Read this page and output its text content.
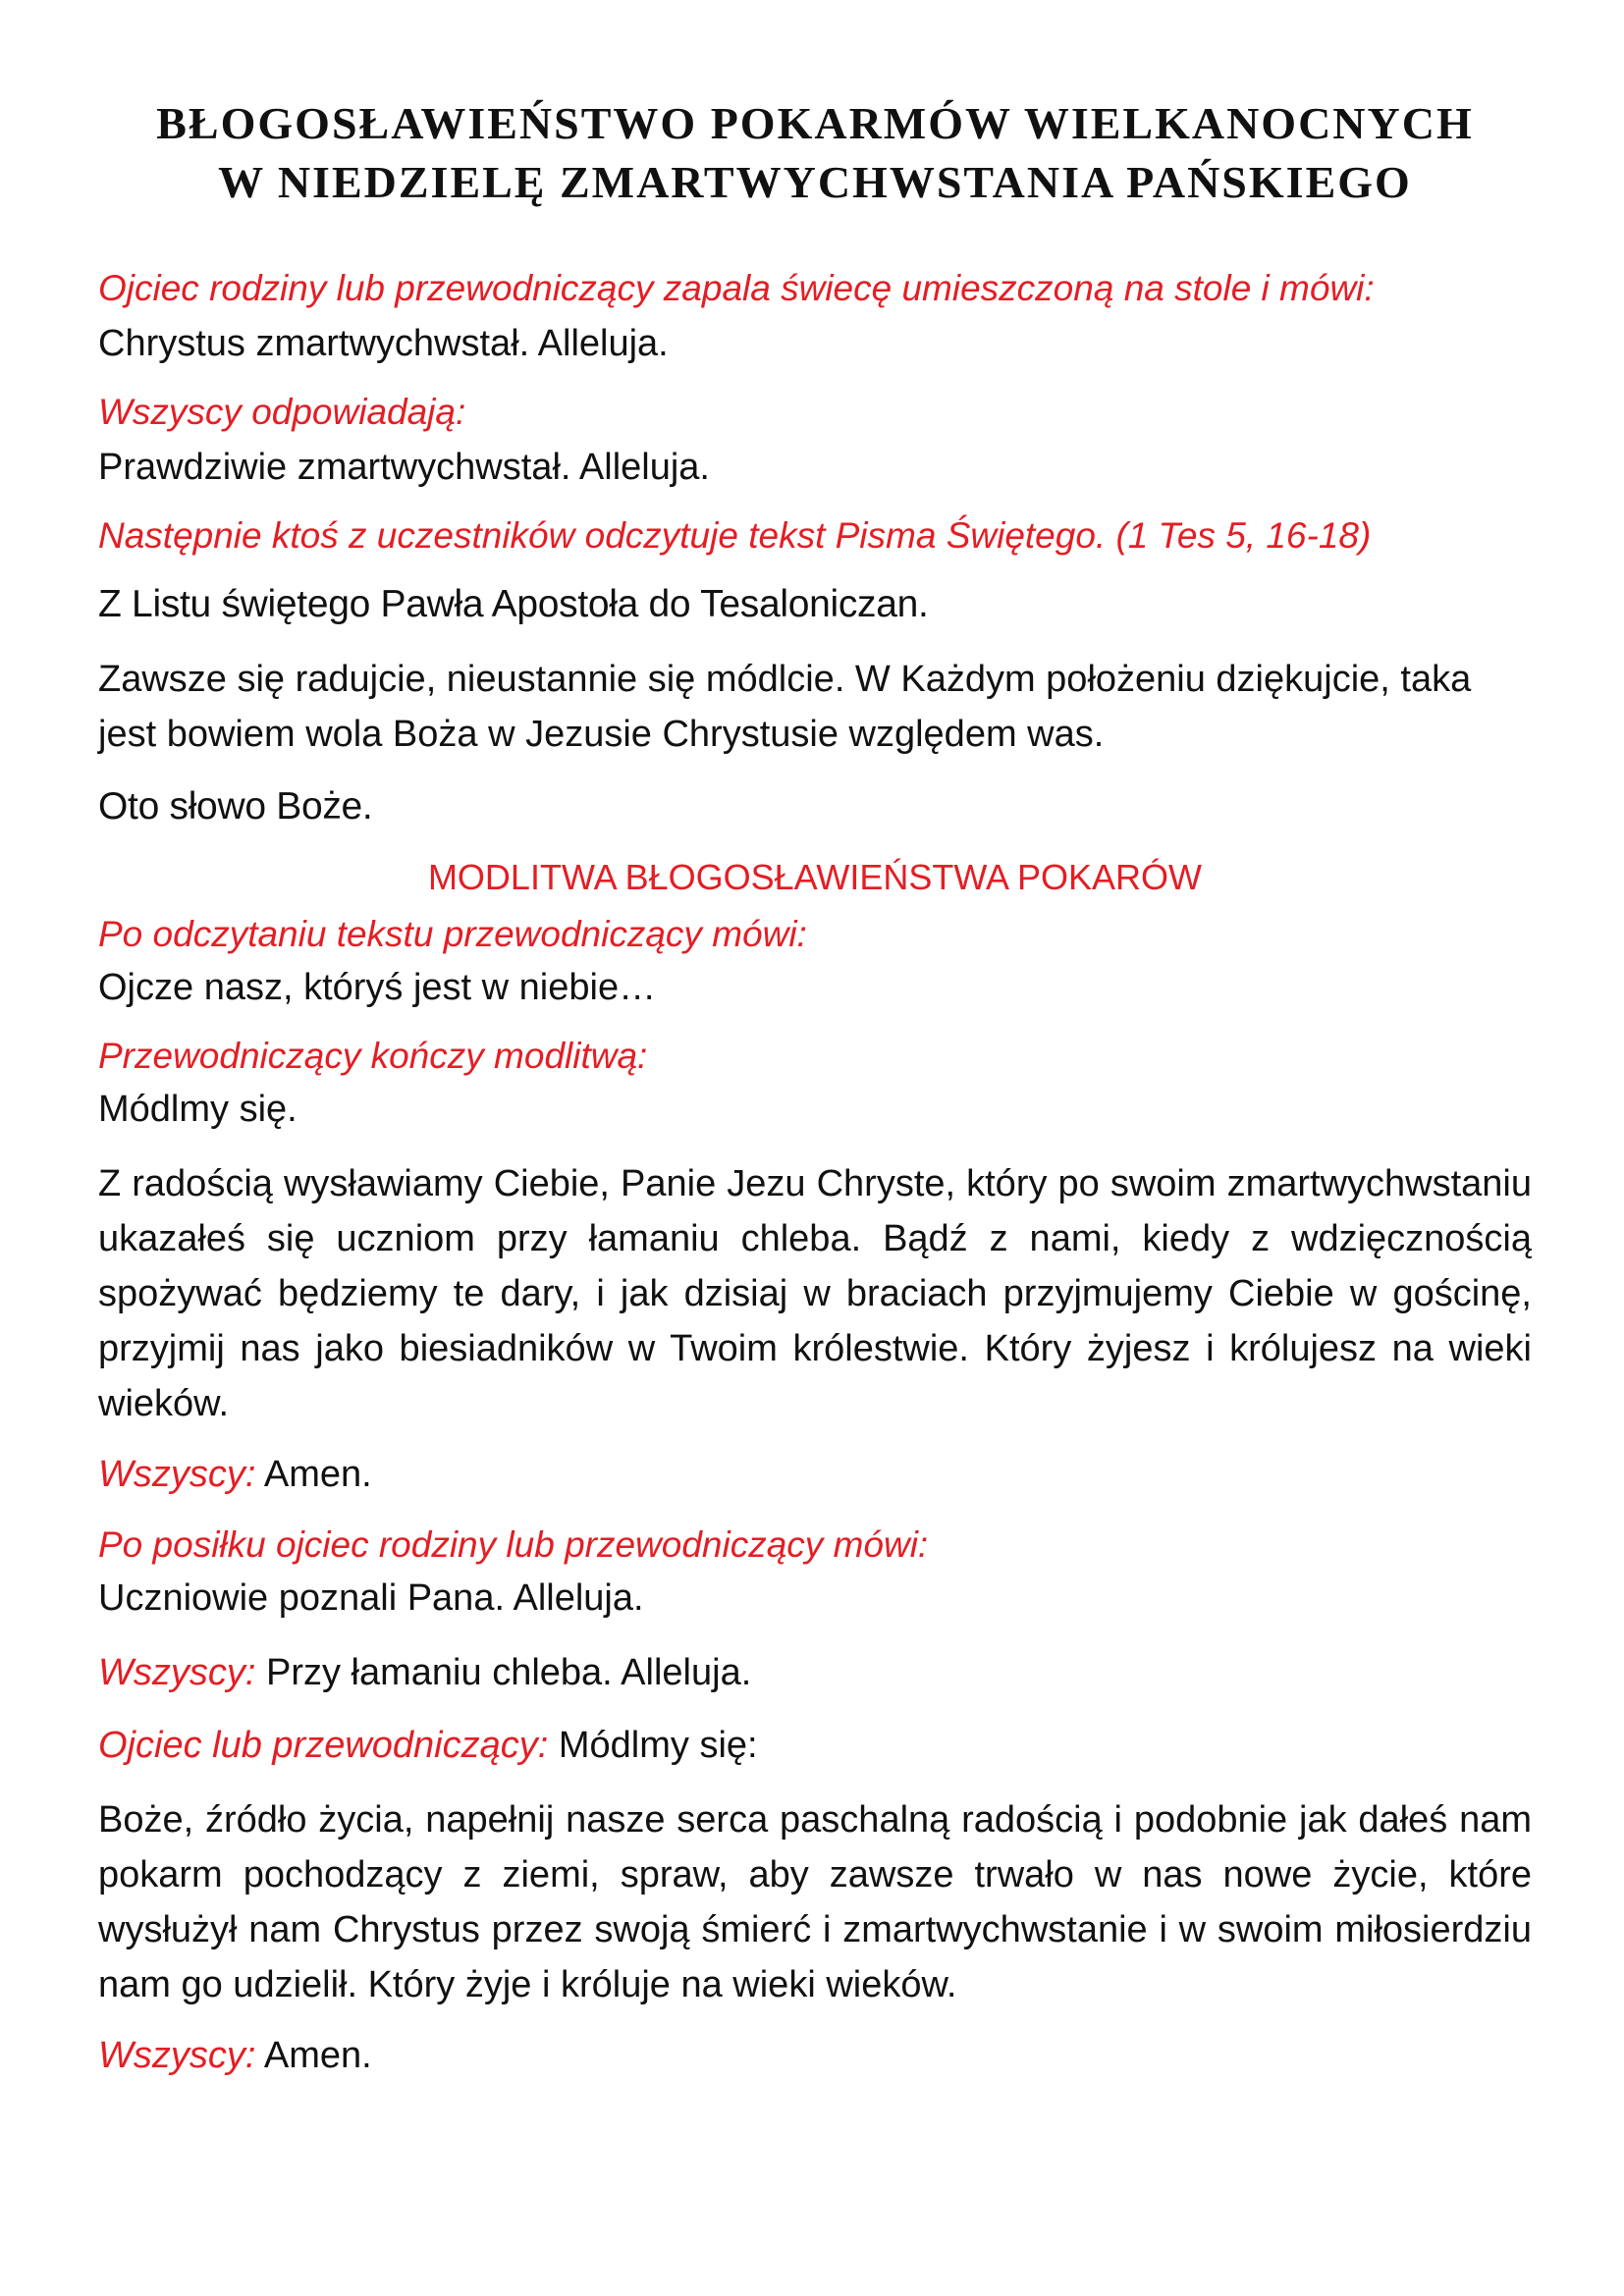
BŁOGOSŁAWIEŃSTWO POKARMÓW WIELKANOCNYCH
W NIEDZIELĘ ZMARTWYCHWSTANIA PAŃSKIEGO
Ojciec rodziny lub przewodniczący zapala świecę umieszczoną na stole i mówi:
Chrystus zmartwychwstał. Alleluja.
Wszyscy odpowiadają:
Prawdziwie zmartwychwstał. Alleluja.
Następnie ktoś z uczestników odczytuje tekst Pisma Świętego. (1 Tes 5, 16-18)
Z Listu świętego Pawła Apostoła do Tesaloniczan.
Zawsze się radujcie, nieustannie się módlcie. W Każdym położeniu dziękujcie, taka jest bowiem wola Boża w Jezusie Chrystusie względem was.
Oto słowo Boże.
MODLITWA BŁOGOSŁAWIEŃSTWA POKARÓW
Po odczytaniu tekstu przewodniczący mówi:
Ojcze nasz, któryś jest w niebie…
Przewodniczący kończy modlitwą:
Módlmy się.
Z radością wysławiamy Ciebie, Panie Jezu Chryste, który po swoim zmartwychwstaniu ukazałeś się uczniom przy łamaniu chleba. Bądź z nami, kiedy z wdzięcznością spożywać będziemy te dary, i jak dzisiaj w braciach przyjmujemy Ciebie w gościnę, przyjmij nas jako biesiadników w Twoim królestwie. Który żyjesz i królujesz na wieki wieków.
Wszyscy: Amen.
Po posiłku ojciec rodziny lub przewodniczący mówi:
Uczniowie poznali Pana. Alleluja.
Wszyscy: Przy łamaniu chleba. Alleluja.
Ojciec lub przewodniczący: Módlmy się:
Boże, źródło życia, napełnij nasze serca paschalną radością i podobnie jak dałeś nam pokarm pochodzący z ziemi, spraw, aby zawsze trwało w nas nowe życie, które wysłużył nam Chrystus przez swoją śmierć i zmartwychwstanie i w swoim miłosierdziu nam go udzielił. Który żyje i króluje na wieki wieków.
Wszyscy: Amen.
